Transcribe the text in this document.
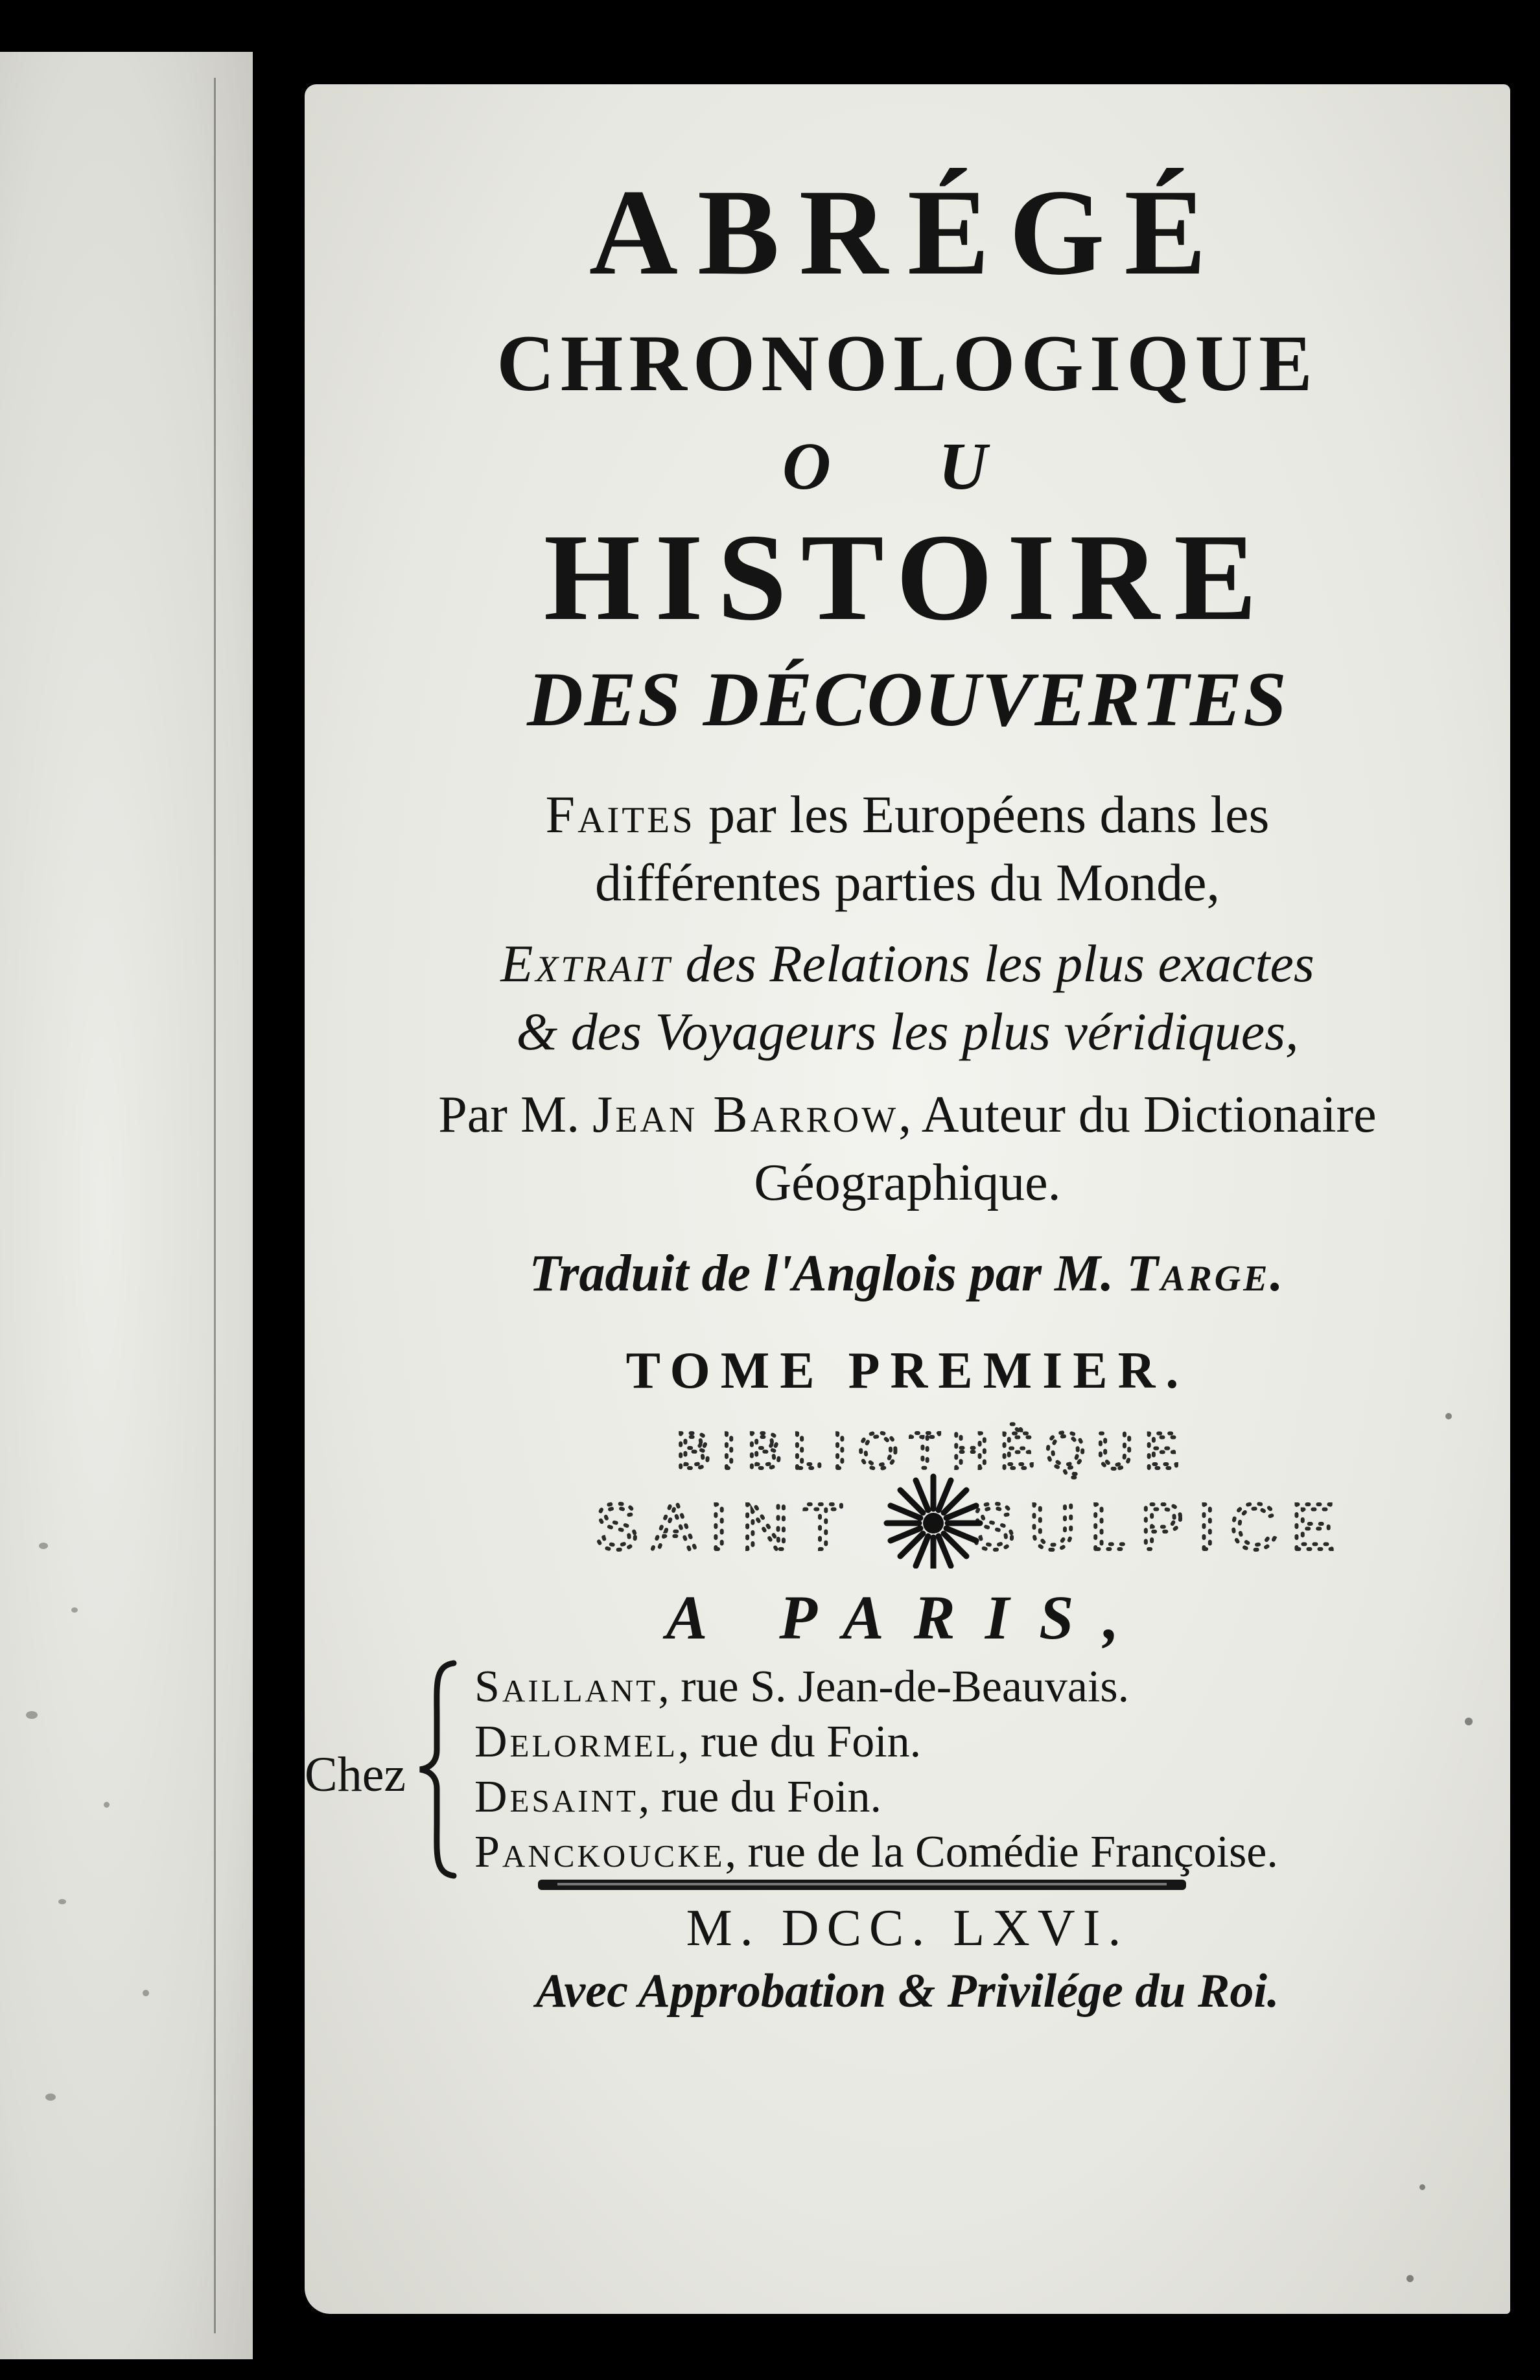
ABRÉGÉ
CHRONOLOGIQUE
O U
HISTOIRE
DES DÉCOUVERTES
Faites par les Européens dans les
différentes parties du Monde,
Extrait des Relations les plus exactes
& des Voyageurs les plus véridiques,
Par M. Jean Barrow, Auteur du Dictionaire
Géographique.
Traduit de l'Anglois par M. Targe.
TOME PREMIER.
BIBLIOTHÈQUE
SAINT SULPICE
A PARIS,
Chez
Saillant, rue S. Jean-de-Beauvais.
Delormel, rue du Foin.
Desaint, rue du Foin.
Panckoucke, rue de la Comédie Françoise.
M. DCC. LXVI.
Avec Approbation & Privilége du Roi.
